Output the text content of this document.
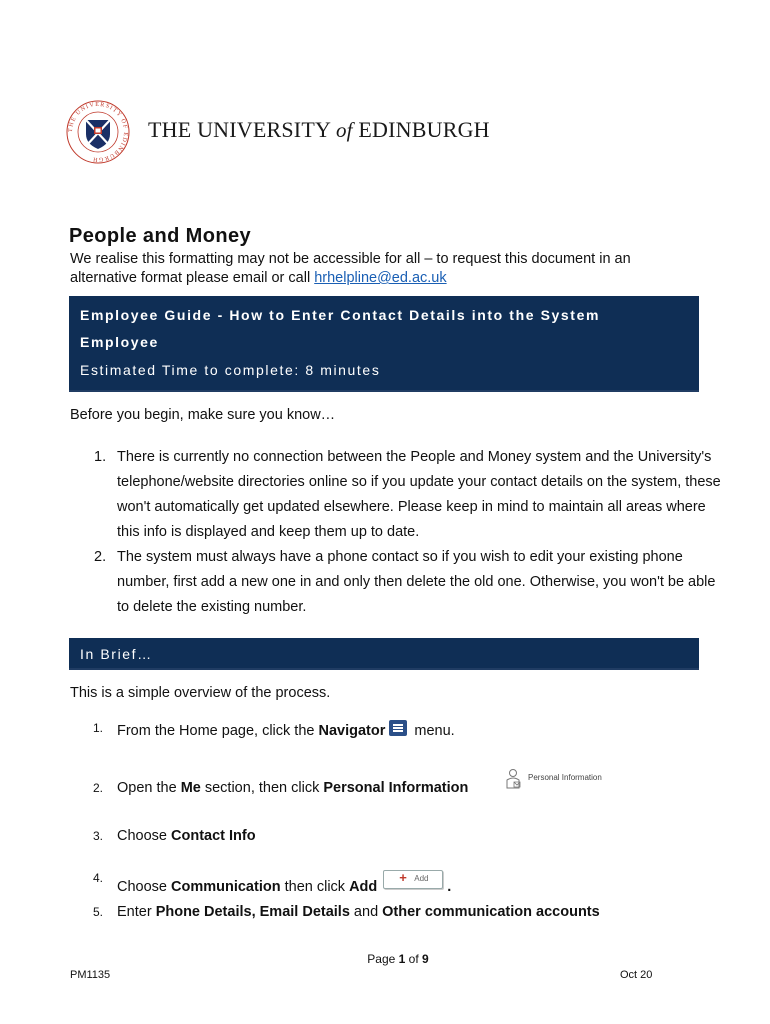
THE UNIVERSITY OF EDINBURGH
THE UNIVERSITY of EDINBURGH
People and Money
We realise this formatting may not be accessible for all – to request this document in an alternative format please email or call hrhelpline@ed.ac.uk
Employee Guide - How to Enter Contact Details into the System
Employee
Estimated Time to complete: 8 minutes
Before you begin, make sure you know…
1. There is currently no connection between the People and Money system and the University's telephone/website directories online so if you update your contact details on the system, these won't automatically get updated elsewhere. Please keep in mind to maintain all areas where this info is displayed and keep them up to date.
2. The system must always have a phone contact so if you wish to edit your existing phone number, first add a new one in and only then delete the old one. Otherwise, you won't be able to delete the existing number.
In Brief…
This is a simple overview of the process.
1. From the Home page, click the Navigator
menu.
2. Open the Me section, then click Personal Information
Personal Information
3. Choose Contact Info
4.
Choose Communication then click Add
+ Add
.
5. Enter Phone Details, Email Details and Other communication accounts
Page 1 of 9
PM1135	Oct 20
